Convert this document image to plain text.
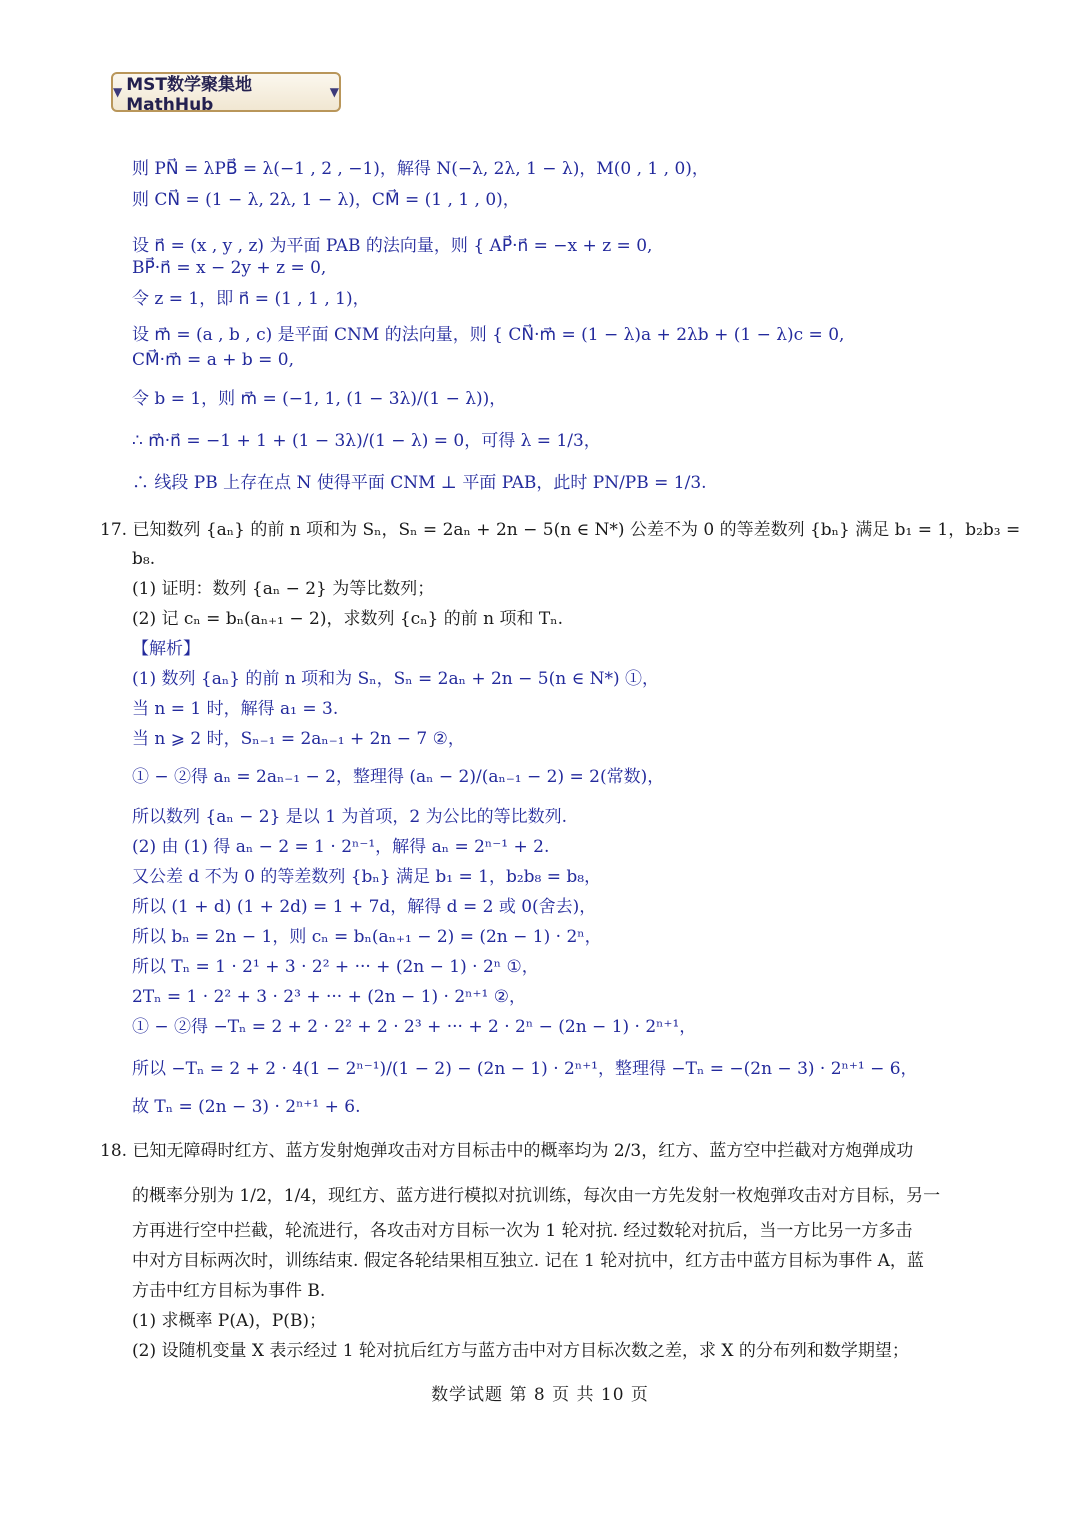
▼ MST数学聚集地MathHub
▼
则 PN⃗ = λPB⃗ = λ(−1 , 2 , −1)，解得 N(−λ, 2λ, 1 − λ)，M(0 , 1 , 0)，
则 CN⃗ = (1 − λ, 2λ, 1 − λ)，CM⃗ = (1 , 1 , 0)，
设 n⃗ = (x , y , z) 为平面 PAB 的法向量，则 { AP⃗·n⃗ = −x + z = 0,
BP⃗·n⃗ = x − 2y + z = 0,
令 z = 1，即 n⃗ = (1 , 1 , 1)，
设 m⃗ = (a , b , c) 是平面 CNM 的法向量，则 { CN⃗·m⃗ = (1 − λ)a + 2λb + (1 − λ)c = 0,
CM⃗·m⃗ = a + b = 0,
令 b = 1，则 m⃗ = (−1, 1, (1 − 3λ)/(1 − λ))，
∴ m⃗·n⃗ = −1 + 1 + (1 − 3λ)/(1 − λ) = 0，可得 λ = 1/3，
∴ 线段 PB 上存在点 N 使得平面 CNM ⊥ 平面 PAB，此时 PN/PB = 1/3.
17. 已知数列 {aₙ} 的前 n 项和为 Sₙ，Sₙ = 2aₙ + 2n − 5(n ∈ N*) 公差不为 0 的等差数列 {bₙ} 满足 b₁ = 1，b₂b₃ =
b₈.
(1) 证明：数列 {aₙ − 2} 为等比数列；
(2) 记 cₙ = bₙ(aₙ₊₁ − 2)，求数列 {cₙ} 的前 n 项和 Tₙ.
【解析】
(1) 数列 {aₙ} 的前 n 项和为 Sₙ，Sₙ = 2aₙ + 2n − 5(n ∈ N*) ①，
当 n = 1 时，解得 a₁ = 3.
当 n ⩾ 2 时，Sₙ₋₁ = 2aₙ₋₁ + 2n − 7 ②，
① − ②得 aₙ = 2aₙ₋₁ − 2，整理得 (aₙ − 2)/(aₙ₋₁ − 2) = 2(常数)，
所以数列 {aₙ − 2} 是以 1 为首项，2 为公比的等比数列.
(2) 由 (1) 得 aₙ − 2 = 1 · 2ⁿ⁻¹，解得 aₙ = 2ⁿ⁻¹ + 2.
又公差 d 不为 0 的等差数列 {bₙ} 满足 b₁ = 1，b₂b₈ = b₈，
所以 (1 + d) (1 + 2d) = 1 + 7d，解得 d = 2 或 0(舍去)，
所以 bₙ = 2n − 1，则 cₙ = bₙ(aₙ₊₁ − 2) = (2n − 1) · 2ⁿ，
所以 Tₙ = 1 · 2¹ + 3 · 2² + ··· + (2n − 1) · 2ⁿ ①，
2Tₙ = 1 · 2² + 3 · 2³ + ··· + (2n − 1) · 2ⁿ⁺¹ ②，
① − ②得 −Tₙ = 2 + 2 · 2² + 2 · 2³ + ··· + 2 · 2ⁿ − (2n − 1) · 2ⁿ⁺¹，
所以 −Tₙ = 2 + 2 · 4(1 − 2ⁿ⁻¹)/(1 − 2) − (2n − 1) · 2ⁿ⁺¹，整理得 −Tₙ = −(2n − 3) · 2ⁿ⁺¹ − 6，
故 Tₙ = (2n − 3) · 2ⁿ⁺¹ + 6.
18. 已知无障碍时红方、蓝方发射炮弹攻击对方目标击中的概率均为 2/3，红方、蓝方空中拦截对方炮弹成功
的概率分别为 1/2，1/4，现红方、蓝方进行模拟对抗训练，每次由一方先发射一枚炮弹攻击对方目标，另一
方再进行空中拦截，轮流进行，各攻击对方目标一次为 1 轮对抗. 经过数轮对抗后，当一方比另一方多击
中对方目标两次时，训练结束. 假定各轮结果相互独立. 记在 1 轮对抗中，红方击中蓝方目标为事件 A，蓝
方击中红方目标为事件 B.
(1) 求概率 P(A)，P(B)；
(2) 设随机变量 X 表示经过 1 轮对抗后红方与蓝方击中对方目标次数之差，求 X 的分布列和数学期望；
数学试题 第 8 页 共 10 页
